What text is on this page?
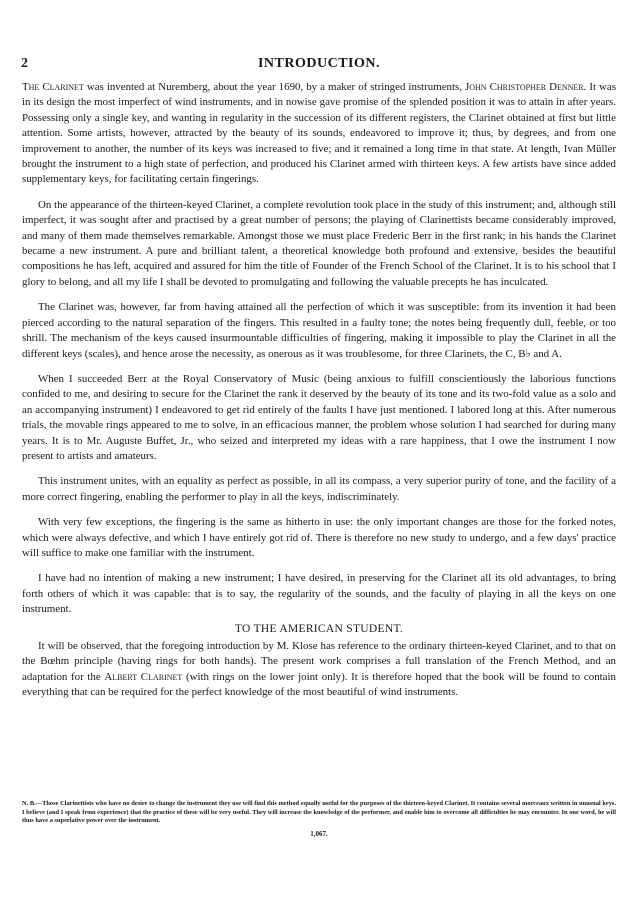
2	INTRODUCTION.

The Clarinet was invented at Nuremberg, about the year 1690, by a maker of stringed instruments, John Christopher Denner. It was in its design the most imperfect of wind instruments, and in nowise gave promise of the splended position it was to attain in after years. Possessing only a single key, and wanting in regularity in the succession of its different registers, the Clarinet obtained at first but little attention. Some artists, however, attracted by the beauty of its sounds, endeavored to improve it; thus, by degrees, and from one improvement to another, the number of its keys was increased to five; and it remained a long time in that state. At length, Ivan Müller brought the instrument to a high state of perfection, and produced his Clarinet armed with thirteen keys. A few artists have since added supplementary keys, for facilitating certain fingerings.

On the appearance of the thirteen-keyed Clarinet, a complete revolution took place in the study of this instrument; and, although still imperfect, it was sought after and practised by a great number of persons; the playing of Clarinettists became considerably improved, and many of them made themselves remarkable. Amongst those we must place Frederic Berr in the first rank; in his hands the Clarinet became a new instrument. A pure and brilliant talent, a theoretical knowledge both profound and extensive, besides the beautiful compositions he has left, acquired and assured for him the title of Founder of the French School of the Clarinet. It is to his school that I glory to belong, and all my life I shall be devoted to promulgating and following the valuable precepts he has inculcated.

The Clarinet was, however, far from having attained all the perfection of which it was susceptible: from its invention it had been pierced according to the natural separation of the fingers. This resulted in a faulty tone; the notes being frequently dull, feeble, or too shrill. The mechanism of the keys caused insurmountable difficulties of fingering, making it impossible to play the Clarinet in all the different keys (scales), and hence arose the necessity, as onerous as it was troublesome, for three Clarinets, the C, B♭ and A.

When I succeeded Berr at the Royal Conservatory of Music (being anxious to fulfill conscientiously the laborious functions confided to me, and desiring to secure for the Clarinet the rank it deserved by the beauty of its tone and its two-fold value as a solo and an accompanying instrument) I endeavored to get rid entirely of the faults I have just mentioned. I labored long at this. After numerous trials, the movable rings appeared to me to solve, in an efficacious manner, the problem whose solution I had searched for during many years. It is to Mr. Auguste Buffet, Jr., who seized and interpreted my ideas with a rare happiness, that I owe the instrument I now present to artists and amateurs.

This instrument unites, with an equality as perfect as possible, in all its compass, a very superior purity of tone, and the facility of a more correct fingering, enabling the performer to play in all the keys, indiscriminately.

With very few exceptions, the fingering is the same as hitherto in use: the only important changes are those for the forked notes, which were always defective, and which I have entirely got rid of. There is therefore no new study to undergo, and a few days' practice will suffice to make one familiar with the instrument.

I have had no intention of making a new instrument; I have desired, in preserving for the Clarinet all its old advantages, to bring forth others of which it was capable: that is to say, the regularity of the sounds, and the faculty of playing in all the keys on one instrument.

TO THE AMERICAN STUDENT.

It will be observed, that the foregoing introduction by M. Klose has reference to the ordinary thirteen-keyed Clarinet, and to that on the Bœhm principle (having rings for both hands). The present work comprises a full translation of the French Method, and an adaptation for the Albert Clarinet (with rings on the lower joint only). It is therefore hoped that the book will be found to contain everything that can be required for the perfect knowledge of the most beautiful of wind instruments.

N. B.—Those Clarinettists who have no desire to change the instrument they use will find this method equally useful for the purposes of the thirteen-keyed Clarinet. It contains several morceaux written in unusual keys. I believe (and I speak from experience) that the practice of these will be very useful. They will increase the knowledge of the performer, and enable him to overcome all difficulties he may encounter. In one word, he will thus have a superlative power over the instrument.
1,067.
